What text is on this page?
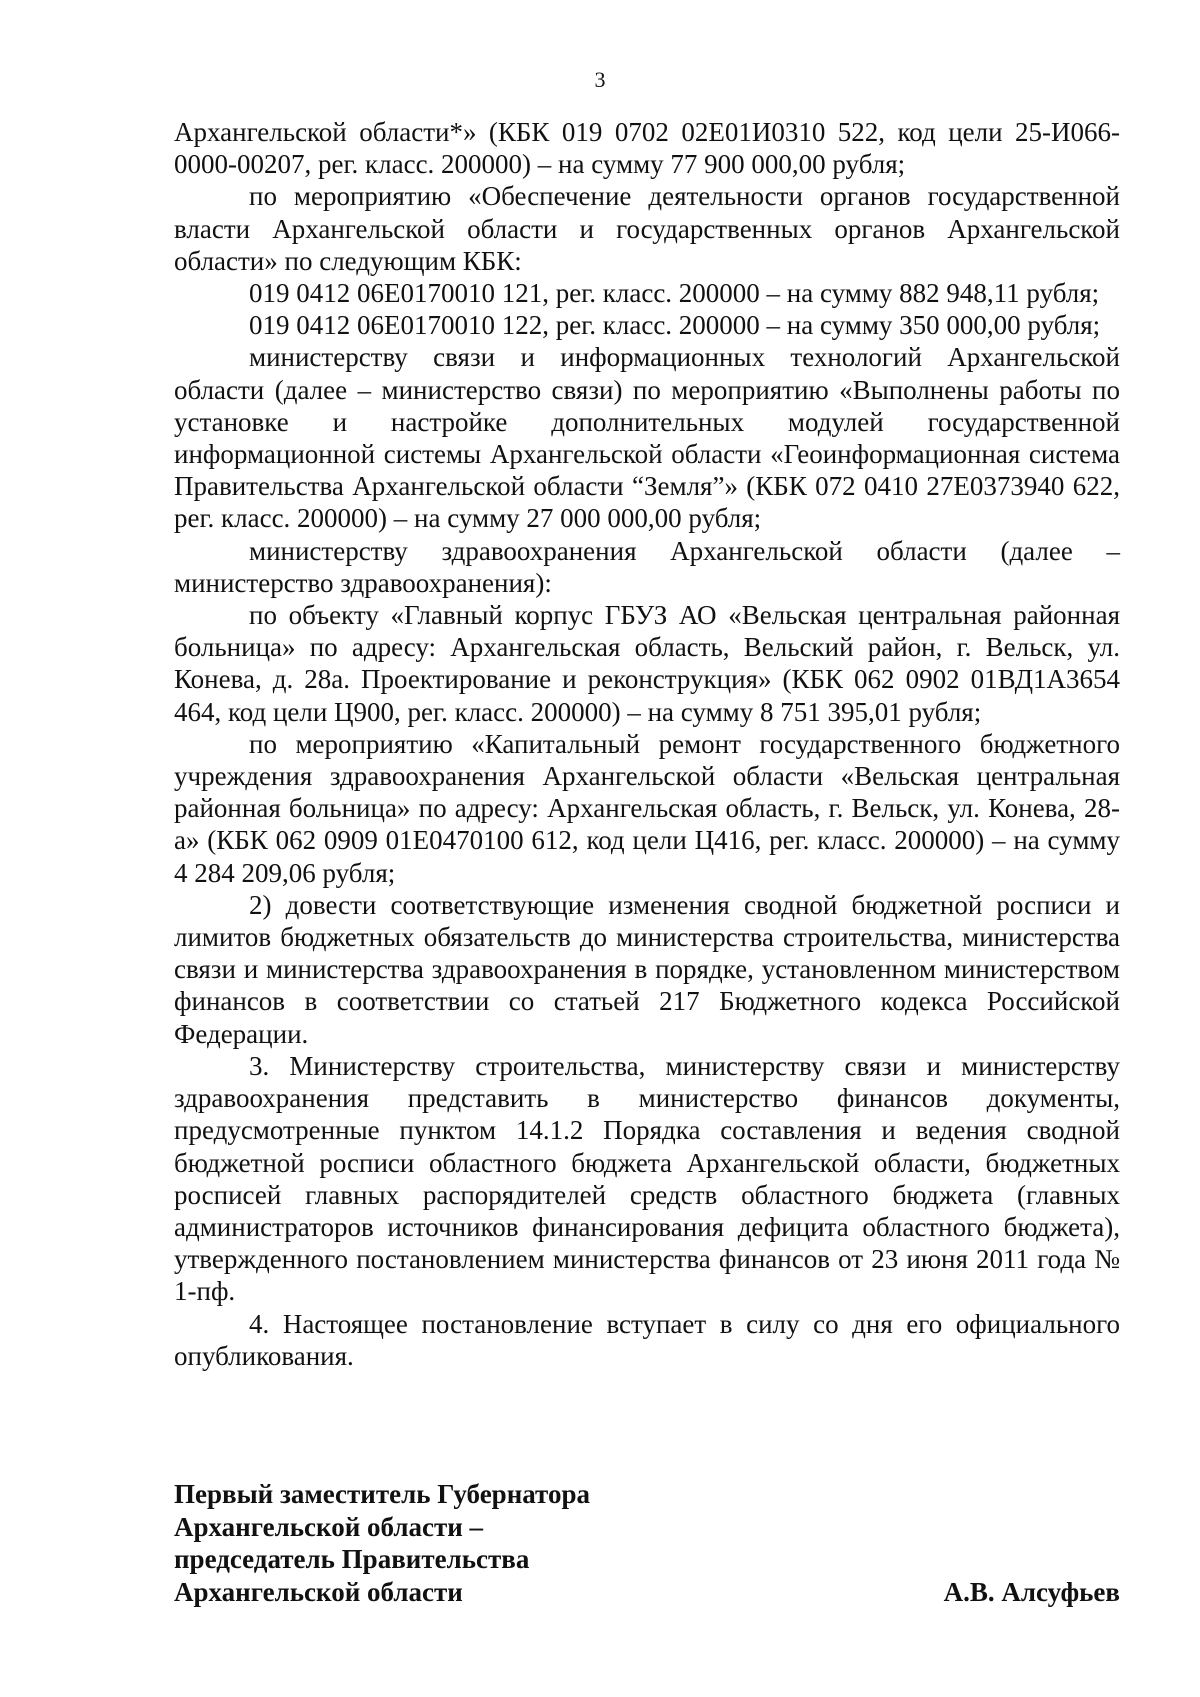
3

Архангельской области*» (КБК 019 0702 02Е01И0310 522, код цели 25-И066-0000-00207, рег. класс. 200000) – на сумму 77 900 000,00 рубля;

по мероприятию «Обеспечение деятельности органов государственной власти Архангельской области и государственных органов Архангельской области» по следующим КБК:

019 0412 06Е0170010 121, рег. класс. 200000 – на сумму 882 948,11 рубля;

019 0412 06Е0170010 122, рег. класс. 200000 – на сумму 350 000,00 рубля;

министерству связи и информационных технологий Архангельской области (далее – министерство связи) по мероприятию «Выполнены работы по установке и настройке дополнительных модулей государственной информационной системы Архангельской области «Геоинформационная система Правительства Архангельской области “Земля”» (КБК 072 0410 27Е0373940 622, рег. класс. 200000) – на сумму 27 000 000,00 рубля;

министерству здравоохранения Архангельской области (далее – министерство здравоохранения):

по объекту «Главный корпус ГБУЗ АО «Вельская центральная районная больница» по адресу: Архангельская область, Вельский район, г. Вельск, ул. Конева, д. 28а. Проектирование и реконструкция» (КБК 062 0902 01ВД1А3654 464, код цели Ц900, рег. класс. 200000) – на сумму 8 751 395,01 рубля;

по мероприятию «Капитальный ремонт государственного бюджетного учреждения здравоохранения Архангельской области «Вельская центральная районная больница» по адресу: Архангельская область, г. Вельск, ул. Конева, 28-а» (КБК 062 0909 01Е0470100 612, код цели Ц416, рег. класс. 200000) – на сумму 4 284 209,06 рубля;

2) довести соответствующие изменения сводной бюджетной росписи и лимитов бюджетных обязательств до министерства строительства, министерства связи и министерства здравоохранения в порядке, установленном министерством финансов в соответствии со статьей 217 Бюджетного кодекса Российской Федерации.

3. Министерству строительства, министерству связи и министерству здравоохранения представить в министерство финансов документы, предусмотренные пунктом 14.1.2 Порядка составления и ведения сводной бюджетной росписи областного бюджета Архангельской области, бюджетных росписей главных распорядителей средств областного бюджета (главных администраторов источников финансирования дефицита областного бюджета), утвержденного постановлением министерства финансов от 23 июня 2011 года № 1-пф.

4. Настоящее постановление вступает в силу со дня его официального опубликования.

Первый заместитель Губернатора
Архангельской области –
председатель Правительства
Архангельской области	А.В. Алсуфьев
